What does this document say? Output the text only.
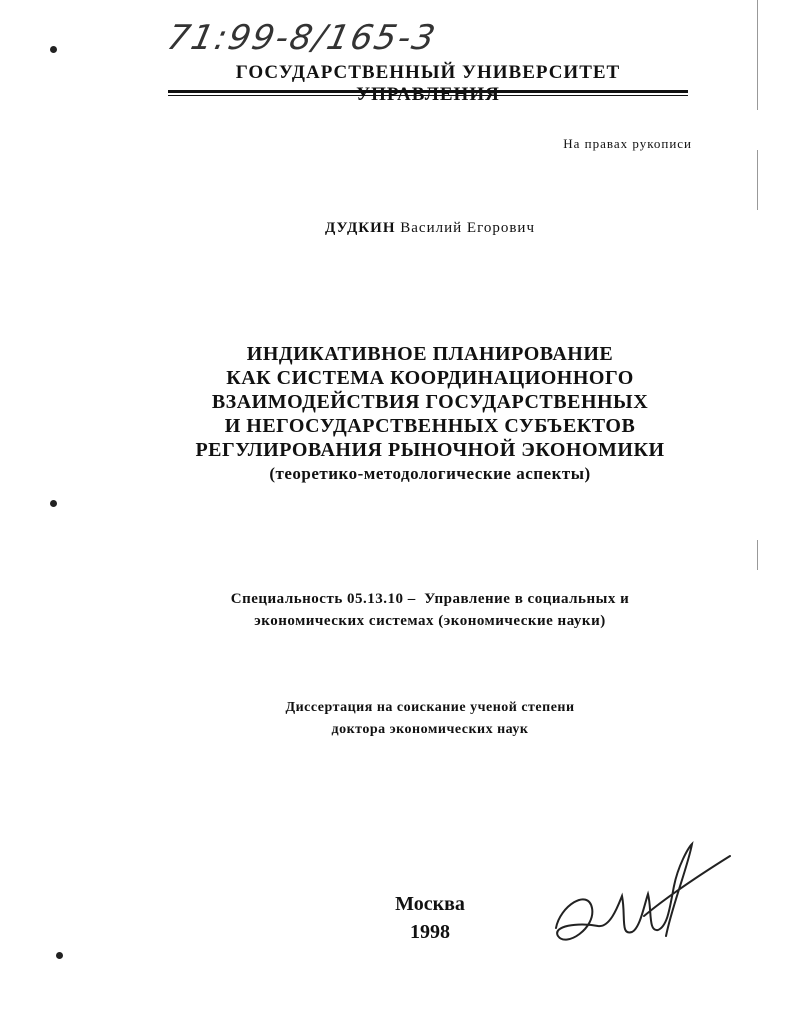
71:99-8/165-3
ГОСУДАРСТВЕННЫЙ УНИВЕРСИТЕТ
На правах рукописи
ДУДКИН Василий Егорович
ИНДИКАТИВНОЕ ПЛАНИРОВАНИЕ
КАК СИСТЕМА КООРДИНАЦИОННОГО
ВЗАИМОДЕЙСТВИЯ ГОСУДАРСТВЕННЫХ
И НЕГОСУДАРСТВЕННЫХ СУБЪЕКТОВ
РЕГУЛИРОВАНИЯ РЫНОЧНОЙ ЭКОНОМИКИ
(теоретико-методологические аспекты)
Специальность 05.13.10 –  Управление в социальных и
экономических системах (экономические науки)
Диссертация на соискание ученой степени
доктора экономических наук
Москва
1998
